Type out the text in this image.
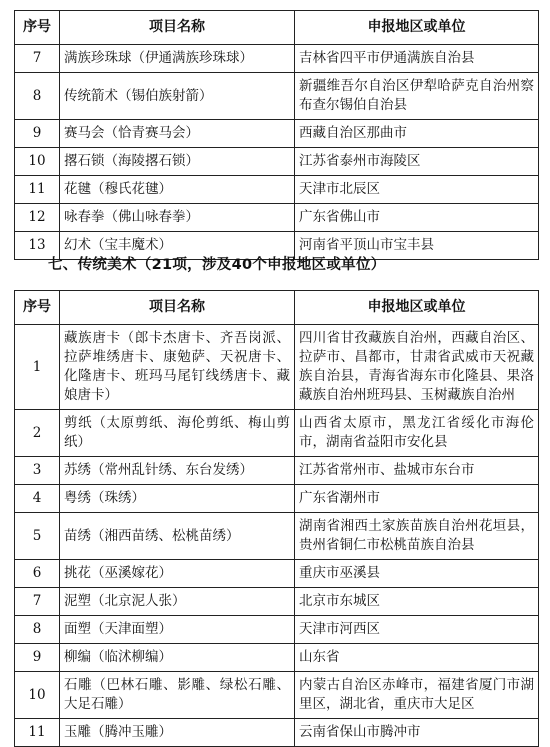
序号	项目名称	申报地区或单位
7	满族珍珠球（伊通满族珍珠球）	吉林省四平市伊通满族自治县
8	传统箭术（锡伯族射箭）	新疆维吾尔自治区伊犁哈萨克自治州察布查尔锡伯自治县
9	赛马会（恰青赛马会）	西藏自治区那曲市
10	撂石锁（海陵撂石锁）	江苏省泰州市海陵区
11	花毽（穆氏花毽）	天津市北辰区
12	咏春拳（佛山咏春拳）	广东省佛山市
13	幻术（宝丰魔术）	河南省平顶山市宝丰县
七、传统美术（21项，涉及40个申报地区或单位）
序号	项目名称	申报地区或单位
1	藏族唐卡（郎卡杰唐卡、齐吾岗派、拉萨堆绣唐卡、康勉萨、天祝唐卡、化隆唐卡、班玛马尾钉线绣唐卡、藏娘唐卡）	四川省甘孜藏族自治州，西藏自治区、拉萨市、昌都市，甘肃省武威市天祝藏族自治县，青海省海东市化隆县、果洛藏族自治州班玛县、玉树藏族自治州
2	剪纸（太原剪纸、海伦剪纸、梅山剪纸）	山西省太原市，黑龙江省绥化市海伦市，湖南省益阳市安化县
3	苏绣（常州乱针绣、东台发绣）	江苏省常州市、盐城市东台市
4	粤绣（珠绣）	广东省潮州市
5	苗绣（湘西苗绣、松桃苗绣）	湖南省湘西土家族苗族自治州花垣县，贵州省铜仁市松桃苗族自治县
6	挑花（巫溪嫁花）	重庆市巫溪县
7	泥塑（北京泥人张）	北京市东城区
8	面塑（天津面塑）	天津市河西区
9	柳编（临沭柳编）	山东省
10	石雕（巴林石雕、影雕、绿松石雕、大足石雕）	内蒙古自治区赤峰市，福建省厦门市湖里区，湖北省，重庆市大足区
11	玉雕（腾冲玉雕）	云南省保山市腾冲市
